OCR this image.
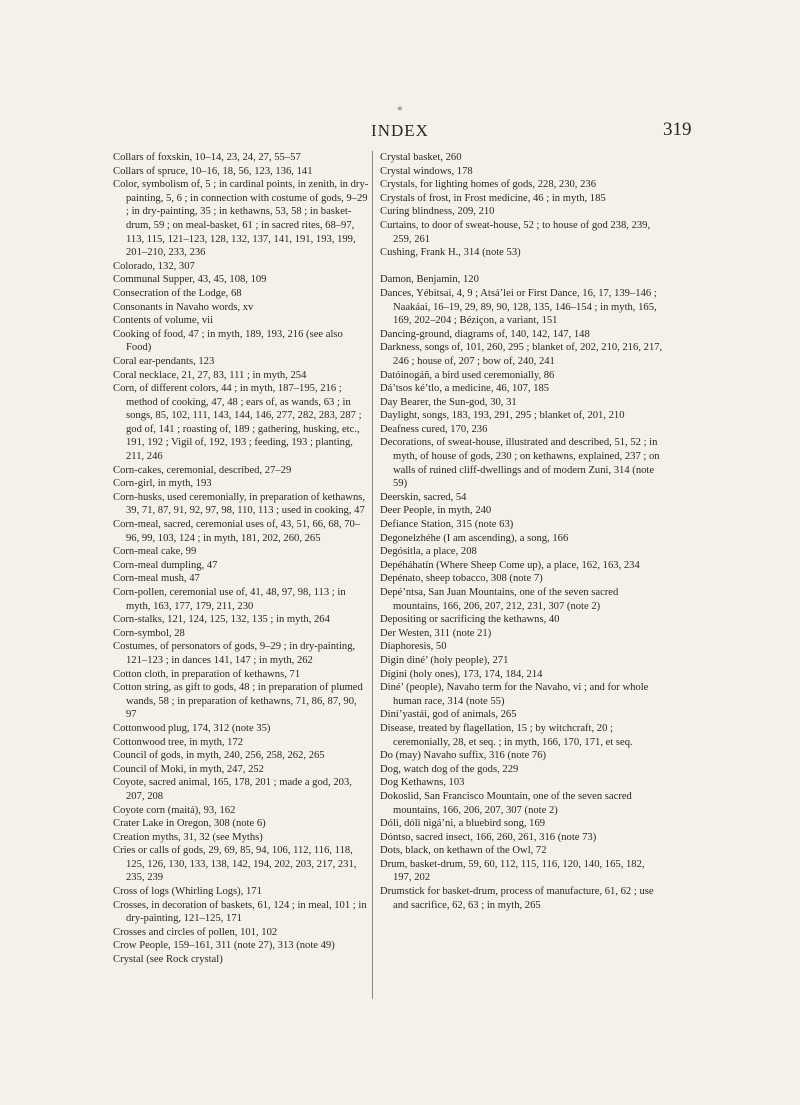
«
INDEX	319

Collars of foxskin, 10–14, 23, 24, 27, 55–57

Collars of spruce, 10–16, 18, 56, 123, 136, 141

Color, symbolism of, 5 ; in cardinal points, in zenith, in dry-painting, 5, 6 ; in connection with costume of gods, 9–29 ; in dry-painting, 35 ; in kethawns, 53, 58 ; in basket-drum, 59 ; on meal-basket, 61 ; in sacred rites, 68–97, 113, 115, 121–123, 128, 132, 137, 141, 191, 193, 199, 201–210, 233, 236

Colorado, 132, 307

Communal Supper, 43, 45, 108, 109

Consecration of the Lodge, 68

Consonants in Navaho words, xv

Contents of volume, vii

Cooking of food, 47 ; in myth, 189, 193, 216 (see also Food)

Coral ear-pendants, 123

Coral necklace, 21, 27, 83, 111 ; in myth, 254

Corn, of different colors, 44 ; in myth, 187–195, 216 ; method of cooking, 47, 48 ; ears of, as wands, 63 ; in songs, 85, 102, 111, 143, 144, 146, 277, 282, 283, 287 ; god of, 141 ; roasting of, 189 ; gathering, husking, etc., 191, 192 ; Vigil of, 192, 193 ; feeding, 193 ; planting, 211, 246

Corn-cakes, ceremonial, described, 27–29

Corn-girl, in myth, 193

Corn-husks, used ceremonially, in preparation of kethawns, 39, 71, 87, 91, 92, 97, 98, 110, 113 ; used in cooking, 47

Corn-meal, sacred, ceremonial uses of, 43, 51, 66, 68, 70–96, 99, 103, 124 ; in myth, 181, 202, 260, 265

Corn-meal cake, 99

Corn-meal dumpling, 47

Corn-meal mush, 47

Corn-pollen, ceremonial use of, 41, 48, 97, 98, 113 ; in myth, 163, 177, 179, 211, 230

Corn-stalks, 121, 124, 125, 132, 135 ; in myth, 264

Corn-symbol, 28

Costumes, of personators of gods, 9–29 ; in dry-painting, 121–123 ; in dances 141, 147 ; in myth, 262

Cotton cloth, in preparation of kethawns, 71

Cotton string, as gift to gods, 48 ; in preparation of plumed wands, 58 ; in preparation of kethawns, 71, 86, 87, 90, 97

Cottonwood plug, 174, 312 (note 35)

Cottonwood tree, in myth, 172

Council of gods, in myth, 240, 256, 258, 262, 265

Council of Moki, in myth, 247, 252

Coyote, sacred animal, 165, 178, 201 ; made a god, 203, 207, 208

Coyote corn (maitá), 93, 162

Crater Lake in Oregon, 308 (note 6)

Creation myths, 31, 32 (see Myths)

Cries or calls of gods, 29, 69, 85, 94, 106, 112, 116, 118, 125, 126, 130, 133, 138, 142, 194, 202, 203, 217, 231, 235, 239

Cross of logs (Whirling Logs), 171

Crosses, in decoration of baskets, 61, 124 ; in meal, 101 ; in dry-painting, 121–125, 171

Crosses and circles of pollen, 101, 102

Crow People, 159–161, 311 (note 27), 313 (note 49)

Crystal (see Rock crystal)

Crystal basket, 260

Crystal windows, 178

Crystals, for lighting homes of gods, 228, 230, 236

Crystals of frost, in Frost medicine, 46 ; in myth, 185

Curing blindness, 209, 210

Curtains, to door of sweat-house, 52 ; to house of god 238, 239, 259, 261

Cushing, Frank H., 314 (note 53)

Damon, Benjamin, 120

Dances, Yébitsai, 4, 9 ; Atsá’lei or First Dance, 16, 17, 139–146 ; Naakáai, 16–19, 29, 89, 90, 128, 135, 146–154 ; in myth, 165, 169, 202–204 ; Béziçon, a variant, 151

Dancing-ground, diagrams of, 140, 142, 147, 148

Darkness, songs of, 101, 260, 295 ; blanket of, 202, 210, 216, 217, 246 ; house of, 207 ; bow of, 240, 241

Datóinogáñ, a bird used ceremonially, 86

Dá’tsos ké’tlo, a medicine, 46, 107, 185

Day Bearer, the Sun-god, 30, 31

Daylight, songs, 183, 193, 291, 295 ; blanket of, 201, 210

Deafness cured, 170, 236

Decorations, of sweat-house, illustrated and described, 51, 52 ; in myth, of house of gods, 230 ; on kethawns, explained, 237 ; on walls of ruined cliff-dwellings and of modern Zuni, 314 (note 59)

Deerskin, sacred, 54

Deer People, in myth, 240

Defiance Station, 315 (note 63)

Degonelzhéhe (I am ascending), a song, 166

Degósitla, a place, 208

Depéháhatín (Where Sheep Come up), a place, 162, 163, 234

Depénato, sheep tobacco, 308 (note 7)

Depé’ntsa, San Juan Mountains, one of the seven sacred mountains, 166, 206, 207, 212, 231, 307 (note 2)

Depositing or sacrificing the kethawns, 40

Der Westen, 311 (note 21)

Diaphoresis, 50

Digin diné’ (holy people), 271

Dígini (holy ones), 173, 174, 184, 214

Diné’ (people), Navaho term for the Navaho, vi ; and for whole human race, 314 (note 55)

Dini’yastái, god of animals, 265

Disease, treated by flagellation, 15 ; by witchcraft, 20 ; ceremonially, 28, et seq. ; in myth, 166, 170, 171, et seq.

Do (may) Navaho suffix, 316 (note 76)

Dog, watch dog of the gods, 229

Dog Kethawns, 103

Dokoslid, San Francisco Mountain, one of the seven sacred mountains, 166, 206, 207, 307 (note 2)

Dóli, dóli nigá’ni, a bluebird song, 169

Dóntso, sacred insect, 166, 260, 261, 316 (note 73)

Dots, black, on kethawn of the Owl, 72

Drum, basket-drum, 59, 60, 112, 115, 116, 120, 140, 165, 182, 197, 202

Drumstick for basket-drum, process of manufacture, 61, 62 ; use and sacrifice, 62, 63 ; in myth, 265
